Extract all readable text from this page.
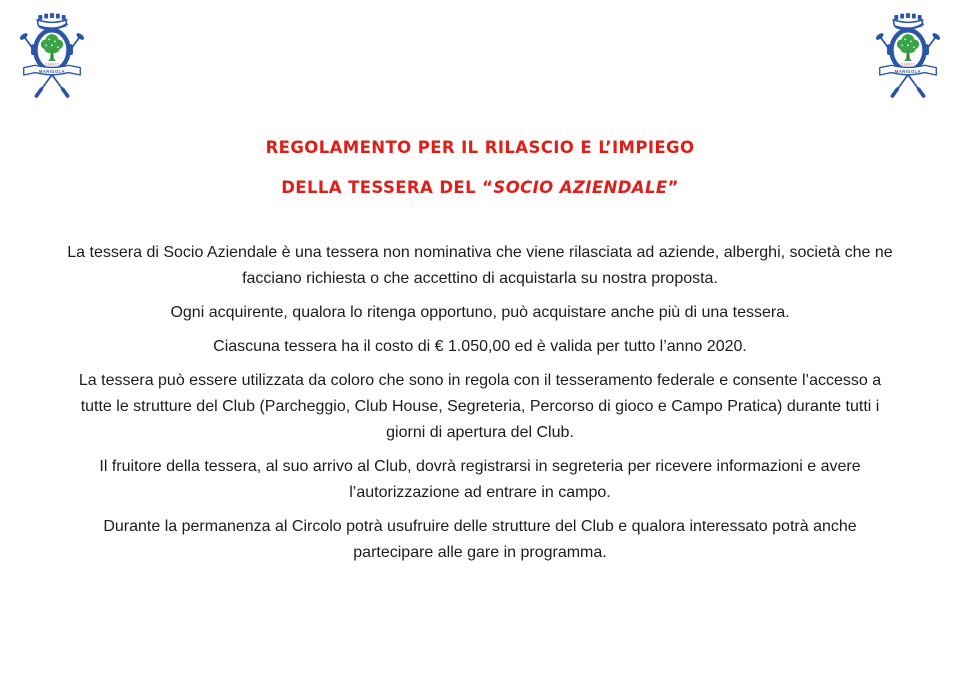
LERICI
MARIGOLA
LERICI
MARIGOLA
REGOLAMENTO PER IL RILASCIO E L’IMPIEGO
DELLA TESSERA DEL “SOCIO AZIENDALE”

La tessera di Socio Aziendale è una tessera non nominativa che viene rilasciata ad aziende, alberghi, società che ne facciano richiesta o che accettino di acquistarla su nostra proposta.

Ogni acquirente, qualora lo ritenga opportuno, può acquistare anche più di una tessera.

Ciascuna tessera ha il costo di € 1.050,00 ed è valida per tutto l’anno 2020.

La tessera può essere utilizzata da coloro che sono in regola con il tesseramento federale e consente l’accesso a tutte le strutture del Club (Parcheggio, Club House, Segreteria, Percorso di gioco e Campo Pratica) durante tutti i giorni di apertura del Club.

Il fruitore della tessera, al suo arrivo al Club, dovrà registrarsi in segreteria per ricevere informazioni e avere l’autorizzazione ad entrare in campo.

Durante la permanenza al Circolo potrà usufruire delle strutture del Club e qualora interessato potrà anche partecipare alle gare in programma.
